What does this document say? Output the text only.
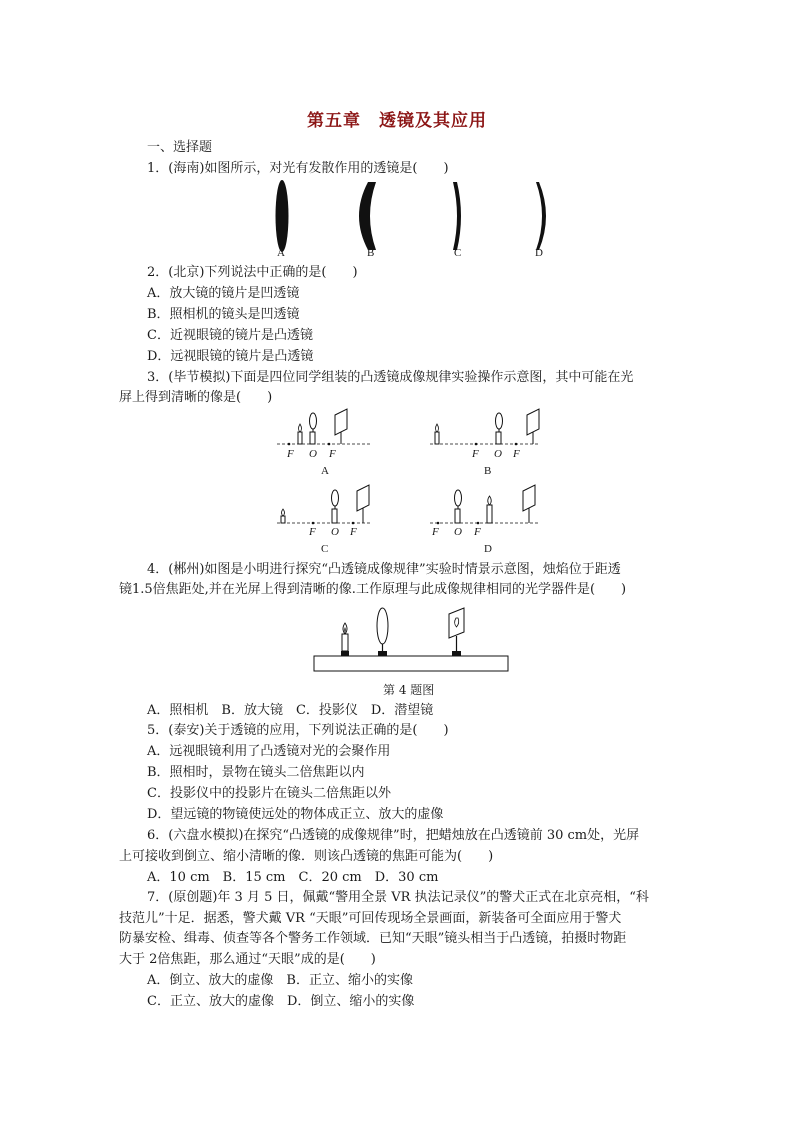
第五章　透镜及其应用
一、选择题
1．(海南)如图所示，对光有发散作用的透镜是(　　)
A	B	C	D
2．(北京)下列说法中正确的是(　　)
A．放大镜的镜片是凹透镜
B．照相机的镜头是凹透镜
C．近视眼镜的镜片是凸透镜
D．远视眼镜的镜片是凸透镜
3．(毕节模拟)下面是四位同学组装的凸透镜成像规律实验操作示意图，其中可能在光
屏上得到清晰的像是(　　)
F O F
A
F O F
B
F O F
C
F O F
D
4．(郴州)如图是小明进行探究“凸透镜成像规律”实验时情景示意图，烛焰位于距透
镜1.5倍焦距处,并在光屏上得到清晰的像.工作原理与此成像规律相同的光学器件是(　　)
第 4 题图
A．照相机　B．放大镜　C．投影仪　D．潜望镜
5．(泰安)关于透镜的应用，下列说法正确的是(　　)
A．远视眼镜利用了凸透镜对光的会聚作用
B．照相时，景物在镜头二倍焦距以内
C．投影仪中的投影片在镜头二倍焦距以外
D．望远镜的物镜使远处的物体成正立、放大的虚像
6．(六盘水模拟)在探究“凸透镜的成像规律”时，把蜡烛放在凸透镜前 30 cm处，光屏
上可接收到倒立、缩小清晰的像．则该凸透镜的焦距可能为(　　)
A．10 cm　B．15 cm　C．20 cm　D．30 cm
7．(原创题)年 3 月 5 日，佩戴“警用全景 VR 执法记录仪”的警犬正式在北京亮相，“科
技范儿”十足．据悉，警犬戴 VR “天眼”可回传现场全景画面，新装备可全面应用于警犬
防暴安检、缉毒、侦查等各个警务工作领域．已知“天眼”镜头相当于凸透镜，拍摄时物距
大于 2倍焦距，那么通过“天眼”成的是(　　)
A．倒立、放大的虚像　B．正立、缩小的实像
C．正立、放大的虚像　D．倒立、缩小的实像
